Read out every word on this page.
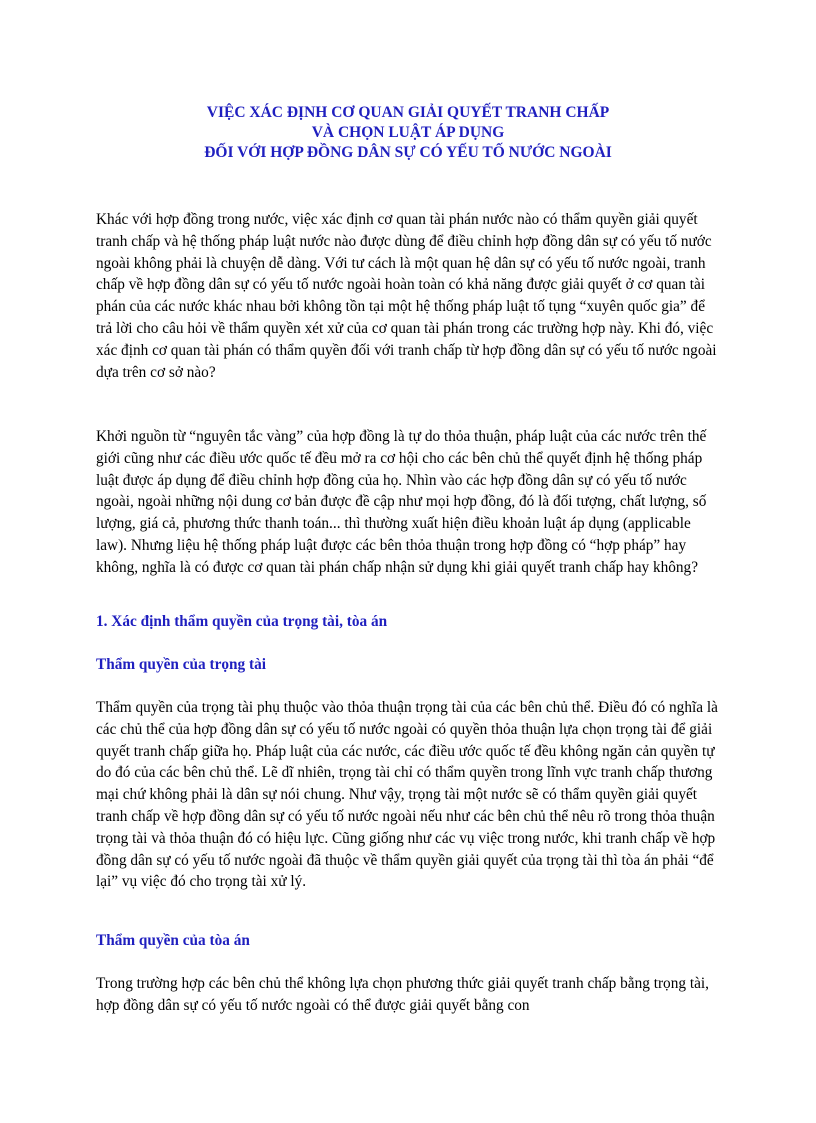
VIỆC XÁC ĐỊNH CƠ QUAN GIẢI QUYẾT TRANH CHẤP
VÀ CHỌN LUẬT ÁP DỤNG
ĐỐI VỚI HỢP ĐỒNG DÂN SỰ CÓ YẾU TỐ NƯỚC NGOÀI

Khác với hợp đồng trong nước, việc xác định cơ quan tài phán nước nào có thẩm quyền giải quyết tranh chấp và hệ thống pháp luật nước nào được dùng để điều chỉnh hợp đồng dân sự có yếu tố nước ngoài không phải là chuyện dễ dàng. Với tư cách là một quan hệ dân sự có yếu tố nước ngoài, tranh chấp về hợp đồng dân sự có yếu tố nước ngoài hoàn toàn có khả năng được giải quyết ở cơ quan tài phán của các nước khác nhau bởi không tồn tại một hệ thống pháp luật tố tụng “xuyên quốc gia” để trả lời cho câu hỏi về thẩm quyền xét xử của cơ quan tài phán trong các trường hợp này. Khi đó, việc xác định cơ quan tài phán có thẩm quyền đối với tranh chấp từ hợp đồng dân sự có yếu tố nước ngoài dựa trên cơ sở nào?

Khởi nguồn từ “nguyên tắc vàng” của hợp đồng là tự do thỏa thuận, pháp luật của các nước trên thế giới cũng như các điều ước quốc tế đều mở ra cơ hội cho các bên chủ thể quyết định hệ thống pháp luật được áp dụng để điều chỉnh hợp đồng của họ. Nhìn vào các hợp đồng dân sự có yếu tố nước ngoài, ngoài những nội dung cơ bản được đề cập như mọi hợp đồng, đó là đối tượng, chất lượng, số lượng, giá cả, phương thức thanh toán... thì thường xuất hiện điều khoản luật áp dụng (applicable law). Nhưng liệu hệ thống pháp luật được các bên thỏa thuận trong hợp đồng có “hợp pháp” hay không, nghĩa là có được cơ quan tài phán chấp nhận sử dụng khi giải quyết tranh chấp hay không?

1. Xác định thẩm quyền của trọng tài, tòa án
Thẩm quyền của trọng tài

Thẩm quyền của trọng tài phụ thuộc vào thỏa thuận trọng tài của các bên chủ thể. Điều đó có nghĩa là các chủ thể của hợp đồng dân sự có yếu tố nước ngoài có quyền thỏa thuận lựa chọn trọng tài để giải quyết tranh chấp giữa họ. Pháp luật của các nước, các điều ước quốc tế đều không ngăn cản quyền tự do đó của các bên chủ thể. Lẽ dĩ nhiên, trọng tài chỉ có thẩm quyền trong lĩnh vực tranh chấp thương mại chứ không phải là dân sự nói chung. Như vậy, trọng tài một nước sẽ có thẩm quyền giải quyết tranh chấp về hợp đồng dân sự có yếu tố nước ngoài nếu như các bên chủ thể nêu rõ trong thỏa thuận trọng tài và thỏa thuận đó có hiệu lực. Cũng giống như các vụ việc trong nước, khi tranh chấp về hợp đồng dân sự có yếu tố nước ngoài đã thuộc về thẩm quyền giải quyết của trọng tài thì tòa án phải “để lại” vụ việc đó cho trọng tài xử lý.

Thẩm quyền của tòa án

Trong trường hợp các bên chủ thể không lựa chọn phương thức giải quyết tranh chấp bằng trọng tài, hợp đồng dân sự có yếu tố nước ngoài có thể được giải quyết bằng con
